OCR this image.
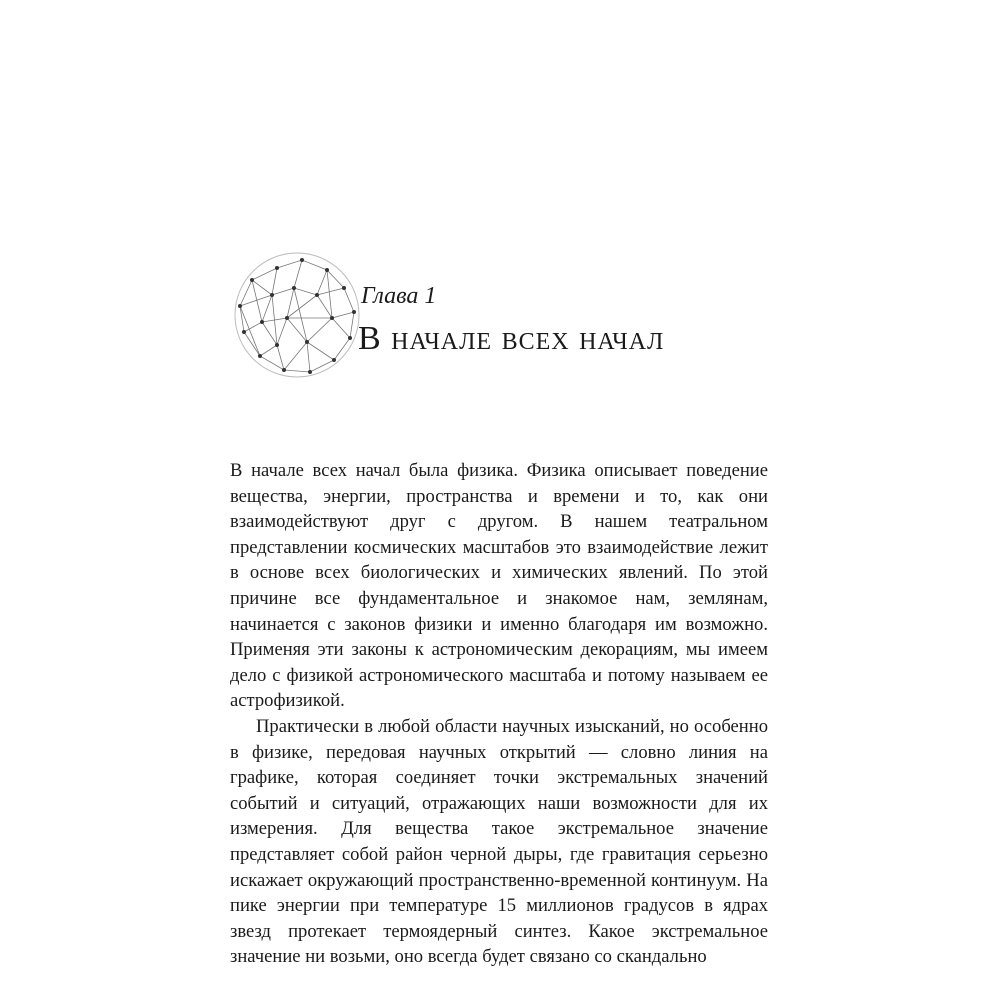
Глава 1
В начале всех начал

В начале всех начал была физика. Физика описывает поведение вещества, энергии, пространства и времени и то, как они взаимодействуют друг с другом. В нашем театральном представлении космических масштабов это взаимодействие лежит в основе всех биологических и химических явлений. По этой причине все фундаментальное и знакомое нам, землянам, начинается с законов физики и именно благодаря им возможно. Применяя эти законы к астрономическим декорациям, мы имеем дело с физикой астрономического масштаба и потому называем ее астрофизикой.

Практически в любой области научных изысканий, но особенно в физике, передовая научных открытий — словно линия на графике, которая соединяет точки экстремальных значений событий и ситуаций, отражающих наши возможности для их измерения. Для вещества такое экстремальное значение представляет собой район черной дыры, где гравитация серьезно искажает окружающий пространственно-временной континуум. На пике энергии при температуре 15 миллионов градусов в ядрах звезд протекает термоядерный синтез. Какое экстремальное значение ни возьми, оно всегда будет связано со скандально
